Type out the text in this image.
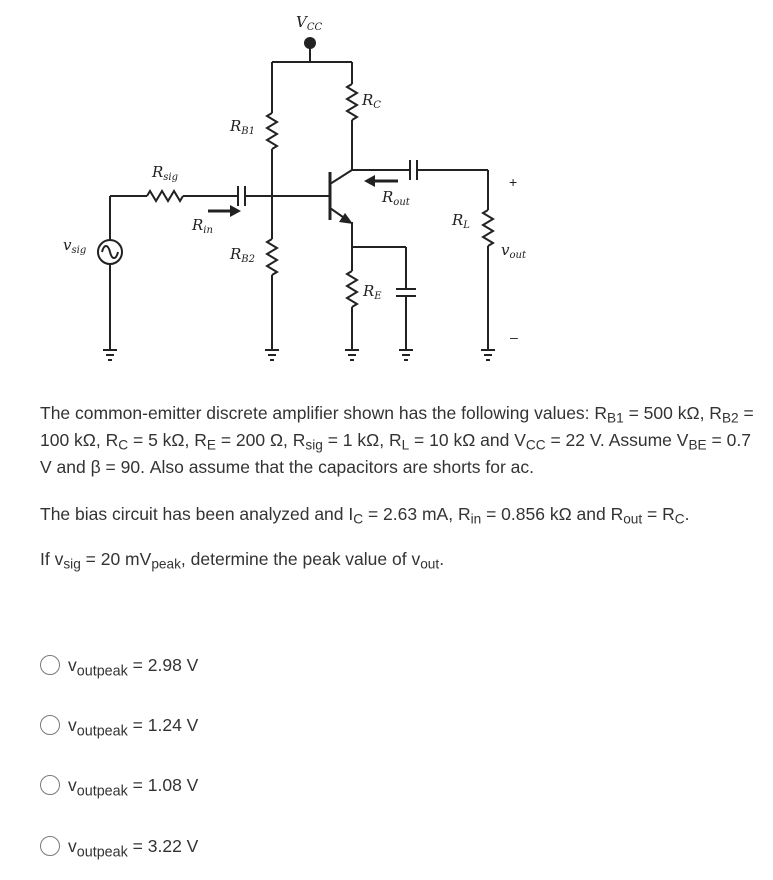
$V_{CC}$
$R_{B1}$
$R_{B2}$
$R_C$
$R_E$
$R_{sig}$
$R_{in}$
$R_{out}$
$R_L$
$v_{sig}$	$v_{out}$
+
–

The common-emitter discrete amplifier shown has the following values: $R_{B1} = 500$ kΩ, $R_{B2} = 100$ kΩ, $R_C = 5$ kΩ, $R_E = 200$ Ω, $R_{sig} = 1$ kΩ, $R_L = 10$ kΩ and $V_{CC} = 22$ V. Assume $V_{BE} = 0.7$ V and β = 90. Also assume that the capacitors are shorts for ac.

The bias circuit has been analyzed and $I_C = 2.63$ mA, $R_{in} = 0.856$ kΩ and $R_{out} = R_C$.

If $v_{sig} = 20$ $mV_{peak}$, determine the peak value of $v_{out}$.

$v_{outpeak} = 2.98$ V
$v_{outpeak} = 1.24$ V
$v_{outpeak} = 1.08$ V
$v_{outpeak} = 3.22$ V
